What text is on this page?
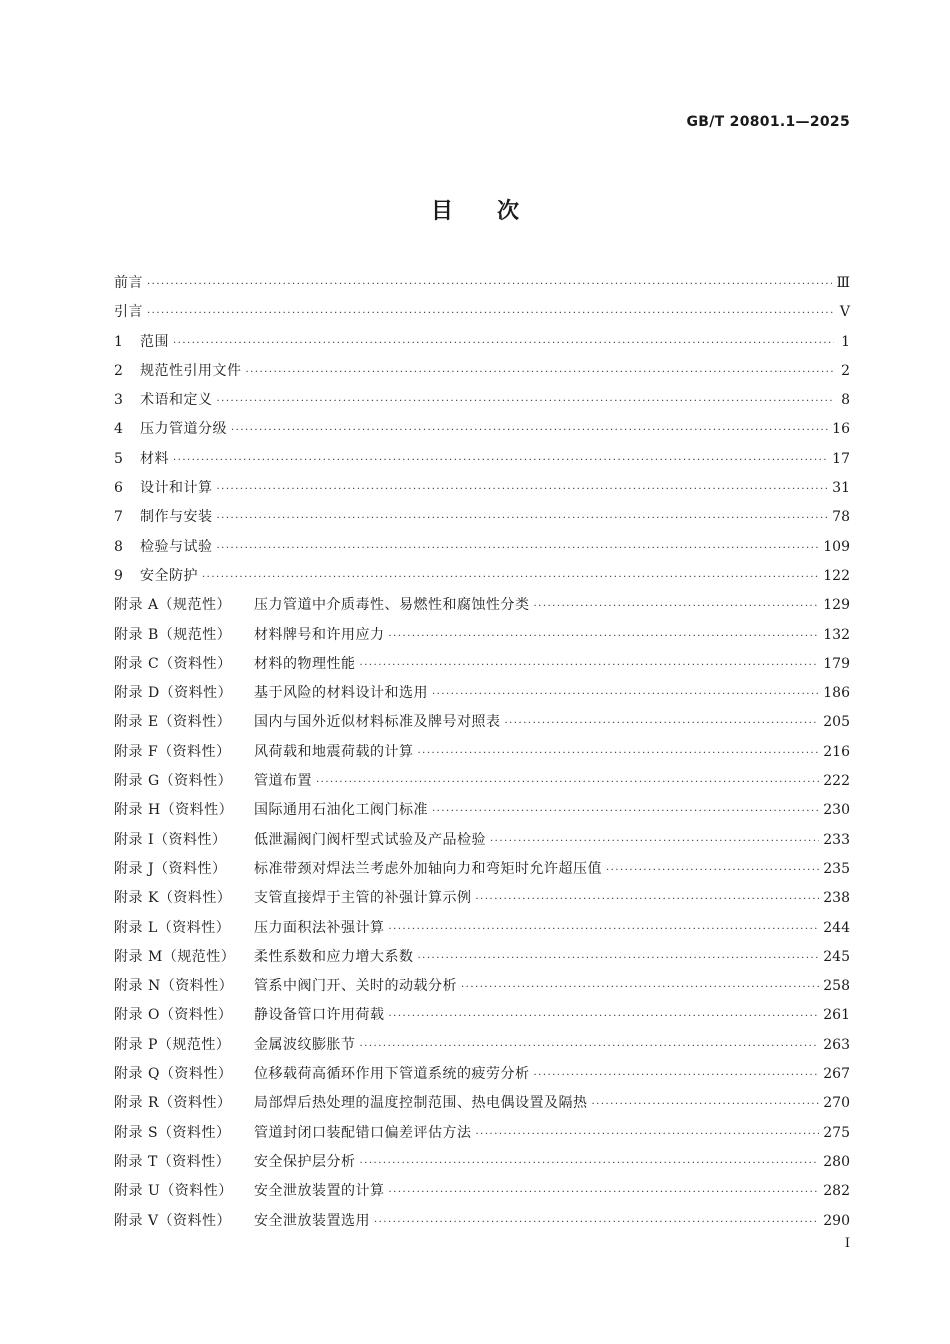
GB/T 20801.1—2025
目次
前言 ·····	Ⅲ
引言 ·····	Ⅴ
1 范围 ·····	1
2 规范性引用文件 ·····	2
3 术语和定义 ·····	8
4 压力管道分级 ·····	16
5 材料 ·····	17
6 设计和计算 ·····	31
7 制作与安装 ·····	78
8 检验与试验 ·····	109
9 安全防护 ·····	122
附录 A（规范性） 压力管道中介质毒性、易燃性和腐蚀性分类 ·····	129
附录 B（规范性） 材料牌号和许用应力 ·····	132
附录 C（资料性） 材料的物理性能 ·····	179
附录 D（资料性） 基于风险的材料设计和选用 ·····	186
附录 E（资料性） 国内与国外近似材料标准及牌号对照表 ·····	205
附录 F（资料性） 风荷载和地震荷载的计算 ·····	216
附录 G（资料性） 管道布置 ·····	222
附录 H（资料性） 国际通用石油化工阀门标准 ·····	230
附录 I（资料性） 低泄漏阀门阀杆型式试验及产品检验 ·····	233
附录 J（资料性） 标准带颈对焊法兰考虑外加轴向力和弯矩时允许超压值 ·····	235
附录 K（资料性） 支管直接焊于主管的补强计算示例 ·····	238
附录 L（资料性） 压力面积法补强计算 ·····	244
附录 M（规范性） 柔性系数和应力增大系数 ·····	245
附录 N（资料性） 管系中阀门开、关时的动载分析 ·····	258
附录 O（资料性） 静设备管口许用荷载 ·····	261
附录 P（规范性） 金属波纹膨胀节 ·····	263
附录 Q（资料性） 位移载荷高循环作用下管道系统的疲劳分析 ·····	267
附录 R（资料性） 局部焊后热处理的温度控制范围、热电偶设置及隔热 ·····	270
附录 S（资料性） 管道封闭口装配错口偏差评估方法 ·····	275
附录 T（资料性） 安全保护层分析 ·····	280
附录 U（资料性） 安全泄放装置的计算 ·····	282
附录 V（资料性） 安全泄放装置选用 ·····	290
Ⅰ
